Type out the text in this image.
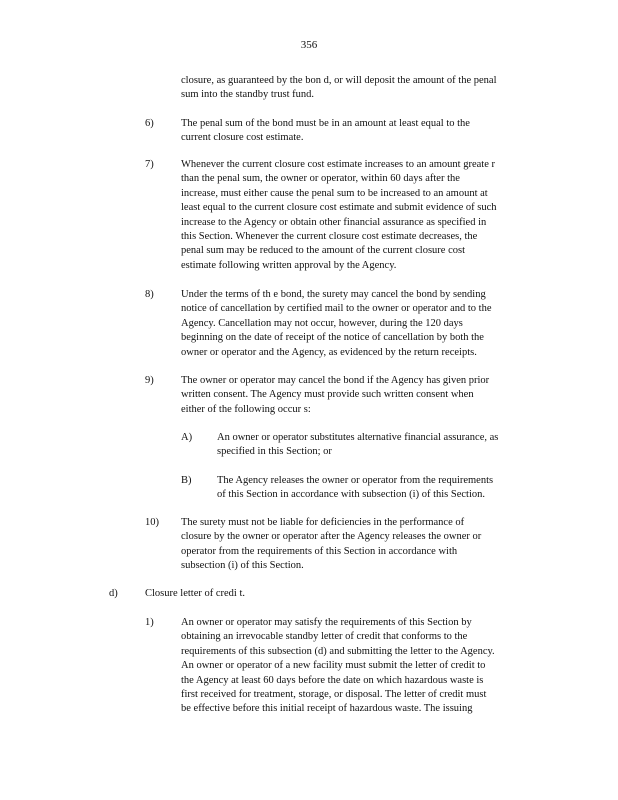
356
closure, as guaranteed by the bon d, or will deposit the amount of the penal
sum into the standby trust fund.
6)	The penal sum of the bond must be in an amount at least equal to the
current closure cost estimate.
7)	Whenever the current closure cost estimate increases to an amount greate r
than the penal sum, the owner or operator, within 60 days after the
increase, must either cause the penal sum to be increased to an amount at
least equal to the current closure cost estimate and submit evidence of such
increase to the Agency or obtain other financial assurance as specified in
this Section. Whenever the current closure cost estimate decreases, the
penal sum may be reduced to the amount of the current closure cost
estimate following written approval by the Agency.
8)	Under the terms of th e bond, the surety may cancel the bond by sending
notice of cancellation by certified mail to the owner or operator and to the
Agency. Cancellation may not occur, however, during the 120 days
beginning on the date of receipt of the notice of cancellation by both the
owner or operator and the Agency, as evidenced by the return receipts.
9)	The owner or operator may cancel the bond if the Agency has given prior
written consent. The Agency must provide such written consent when
either of the following occur s:
A) An owner or operator substitutes alternative financial assurance, as
specified in this Section; or
B) The Agency releases the owner or operator from the requirements
of this Section in accordance with subsection (i) of this Section.
10) The surety must not be liable for deficiencies in the performance of
closure by the owner or operator after the Agency releases the owner or
operator from the requirements of this Section in accordance with
subsection (i) of this Section.
d)	Closure letter of credi t.
1)	An owner or operator may satisfy the requirements of this Section by
obtaining an irrevocable standby letter of credit that conforms to the
requirements of this subsection (d) and submitting the letter to the Agency.
An owner or operator of a new facility must submit the letter of credit to
the Agency at least 60 days before the date on which hazardous waste is
first received for treatment, storage, or disposal. The letter of credit must
be effective before this initial receipt of hazardous waste. The issuing
